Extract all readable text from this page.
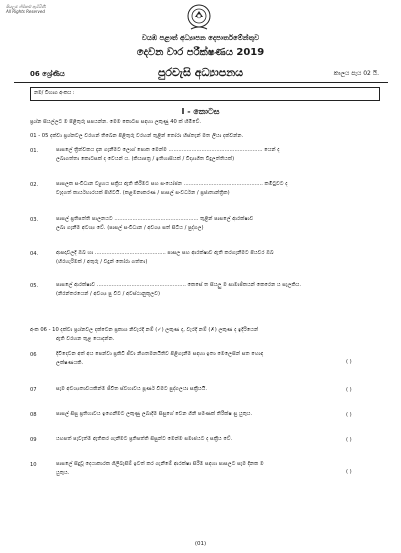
සියලුම හිමිකම් ඇවිරිණි
All Rights Reserved
වයඹ පළාත් අධ්‍යාපන දෙපාර්තමේන්තුව
දෙවන වාර පරීක්ෂණය 2019
පුරවැසි අධ්‍යාපනය
06 ශ්‍රේණිය	කාලය පැය 02 යි.
නම/ විභාග අංකය :
I - කොටස
ප්‍රශ්න සියල්ලට ම පිළිතුරු සපයන්න. මෙම කොටස සඳහා ලකුණු 40 ක් හිමිවේ.
01 - 05 දක්වා ප්‍රශ්නවල වරහන් තිබෙන පිළිතුරු වරහන් තුළින් තෝරා හිස්තැන් මත ලියා දක්වන්න.
01.	පාසලේ ත්‍රිත්වකය දැන ගැනීමට ලොග් පොත මෙන්ම ......................................................... යෙන් ද
ලබාගත්තා කොටසක් ද වෙයන් ය. (කියාපත්‍ර / ඉතිහාසියක් / විද්‍යාගිත වීදුලත්තියක්)
02.	පාසලක සංවිධාන ව්‍යුහය සක්‍රිය ඇති කිරීමට සහ සංයෝජන ................................................ කමිටුවට ද
වැදගත් කාර්යභාරයක් පිහිටයි. (කළමනාකරණ / පාසල් සංවර්ධන / ප්‍රජාතාන්ත්‍රික)
03.	පාසල් ප්‍රතිපත්ති පාලනයට ................................................... තුළින් පාසලේ ආරක්ෂාව
ලබා ගැනීම අවශ්‍ය වේ. (පාසල් සංවිධාන / අවශ්‍ය සත් සිටිය / පුද්ගල)
04.	ආපදාවලදී ඔබ හා ........................................... පාසල සහ ආරක්ෂාව ඇති කරගැනීමට පියවර ඔබ
(හිරහැරිමක් / අතුරු / වදුන් තෝරා ගත්තා)
05.	පාසලේ ආරක්ෂාව ...................................................... කෙසේ ත සියලු ම සාමාජිකයන් කෙරෙන ය සැලකිය.
(නිරන්තරයෙන් / අවශ්‍ය පු වීට / අවස්ථානුකූලව)
අංක 06 - 10 දක්වා ප්‍රශ්නවල දක්වෙන ප්‍රකාශ නිවැරදි නම් (✓) ලකුණ ද, වැරදි නම් (✗) ලකුණ ද ඉදිරියෙන්
ඇති වරහන තුළ යොදන්න.
06	දිවිදෙවන අත් අය පෙන්වා ප්‍රකිටි ජීවා නිගතමනයිතිව පිළිගැනීම සඳහා ඉතා මෙලෙසින් සත හොඳ
ලක්ෂණයකි.	( )
07	සැම අවශ්‍යතාවයකින්ම ජීවිත ස්වභාවය පූර්ණ වීමට පුද්ගලයා සක්‍රීයයි.	( )
08	පාසල් සිසු ප්‍රතිභාවය ඉගෙනීමට ලකුණු ලබාදීම සිසුගේ වෙන ගිනි පමණක් තිරීක්ෂ සු යුතුය.	( )
09	යහපත් පැවැත්ම ඇතිකර ගැනීමට ප්‍රතිපත්ති සිසුන්ට මෙන්ම සමාජයට ද සක්‍රීය වේ.	( )
10	පාසලේ සිදුවූ දෙයාකාරක ගිලිබැසීම් ඉවත් කර ගැනීමේ ආරක්ෂා සිරීම සඳහා පාසලට සැම දිනක ම
යුතුය.	( )
(01)
